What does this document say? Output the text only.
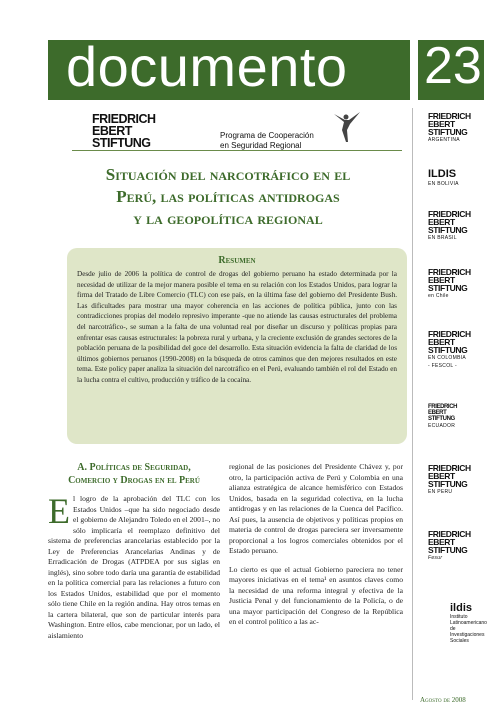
documento 23
FRIEDRICH
EBERT
STIFTUNG
Programa de Cooperación
en Seguridad Regional
Situación del narcotráfico en el
Perú, las políticas antidrogas
y la geopolítica regional
Resumen
Desde julio de 2006 la política de control de drogas del gobierno peruano ha estado determinada por la necesidad de utilizar de la mejor manera posible el tema en su relación con los Estados Unidos, para lograr la firma del Tratado de Libre Comercio (TLC) con ese país, en la última fase del gobierno del Presidente Bush. Las dificultades para mostrar una mayor coherencia en las acciones de política pública, junto con las contradicciones propias del modelo represivo imperante -que no atiende las causas estructurales del problema del narcotráfico-, se suman a la falta de una voluntad real por diseñar un discurso y políticas propias para enfrentar esas causas estructurales: la pobreza rural y urbana, y la creciente exclusión de grandes sectores de la población peruana de la posibilidad del goce del desarrollo. Esta situación evidencia la falta de claridad de los últimos gobiernos peruanos (1990-2008) en la búsqueda de otros caminos que den mejores resultados en este tema. Este policy paper analiza la situación del narcotráfico en el Perú, evaluando también el rol del Estado en la lucha contra el cultivo, producción y tráfico de la cocaína.
A. Políticas de Seguridad,
Comercio y Drogas en el Perú
El logro de la aprobación del TLC con los Estados Unidos –que ha sido negociado desde el gobierno de Alejandro Toledo en el 2001–, no sólo implicaría el reemplazo definitivo del sistema de preferencias arancelarias establecido por la Ley de Preferencias Arancelarias Andinas y de Erradicación de Drogas (ATPDEA por sus siglas en inglés), sino sobre todo daría una garantía de estabilidad en la política comercial para las relaciones a futuro con los Estados Unidos, estabilidad que por el momento sólo tiene Chile en la región andina. Hay otros temas en la cartera bilateral, que son de particular interés para Washington. Entre ellos, cabe mencionar, por un lado, el aislamiento

regional de las posiciones del Presidente Chávez y, por otro, la participación activa de Perú y Colombia en una alianza estratégica de alcance hemisférico con Estados Unidos, basada en la seguridad colectiva, en la lucha antidrogas y en las relaciones de la Cuenca del Pacífico. Así pues, la ausencia de objetivos y políticas propios en materia de control de drogas pareciera ser inversamente proporcional a los logros comerciales obtenidos por el Estado peruano.

Lo cierto es que el actual Gobierno pareciera no tener mayores iniciativas en el tema¹ en asuntos claves como la necesidad de una reforma integral y efectiva de la Justicia Penal y del funcionamiento de la Policía, o de una mayor participación del Congreso de la República en el control político a las ac-

Agosto de 2008
FRIEDRICH
EBERT
STIFTUNG
ARGENTINA
ILDIS
EN BOLIVIA
FRIEDRICH
EBERT
STIFTUNG
EN BRASIL
FRIEDRICH
EBERT
STIFTUNG
en Chile
FRIEDRICH
EBERT
STIFTUNG
EN COLOMBIA
- FESCOL -
FRIEDRICH
EBERT
STIFTUNG
ECUADOR
FRIEDRICH
EBERT
STIFTUNG
EN PERU
FRIEDRICH
EBERT
STIFTUNG
Fesur
ildis
Instituto Latinoamericano de Investigaciones Sociales
